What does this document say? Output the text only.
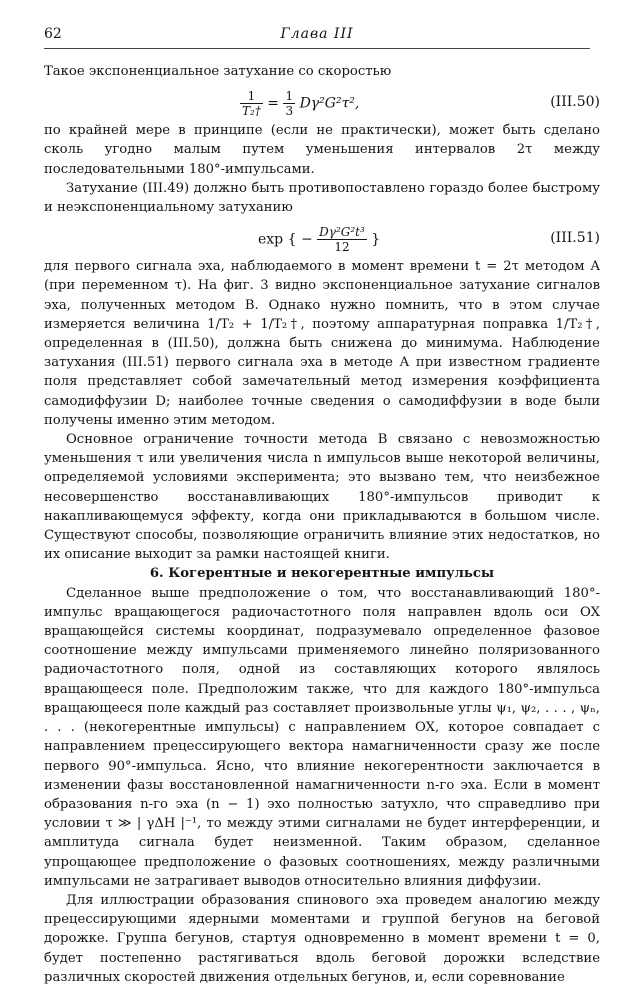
62	Глава III

Такое экспоненциальное затухание со скоростью

$\frac{1}{\text{T₂†}} = \frac{1}{3} D\gamma^2G^2\tau^2$,	(III.50)

по крайней мере в принципе (если не практически), может быть сделано сколь угодно малым путем уменьшения интервалов 2τ между последовательными 180°-импульсами.

Затухание (III.49) должно быть противопоставлено гораздо более быстрому и неэкспоненциальному затуханию

exp { − $\frac{\text{Dγ²G²t³}}{12}$ }	(III.51)

для первого сигнала эха, наблюдаемого в момент времени t = 2τ методом A (при переменном τ). На фиг. 3 видно экспоненциальное затухание сигналов эха, полученных методом B. Однако нужно помнить, что в этом случае измеряется величина 1/T₂ + 1/T₂†, поэтому аппаратурная поправка 1/T₂†, определенная в (III.50), должна быть снижена до минимума. Наблюдение затухания (III.51) первого сигнала эха в методе A при известном градиенте поля представляет собой замечательный метод измерения коэффициента самодиффузии D; наиболее точные сведения о самодиффузии в воде были получены именно этим методом.

Основное ограничение точности метода B связано с невозможностью уменьшения τ или увеличения числа n импульсов выше некоторой величины, определяемой условиями эксперимента; это вызвано тем, что неизбежное несовершенство восстанавливающих 180°-импульсов приводит к накапливающемуся эффекту, когда они прикладываются в большом числе. Существуют способы, позволяющие ограничить влияние этих недостатков, но их описание выходит за рамки настоящей книги.

6. Когерентные и некогерентные импульсы

Сделанное выше предположение о том, что восстанавливающий 180°-импульс вращающегося радиочастотного поля направлен вдоль оси OX вращающейся системы координат, подразумевало определенное фазовое соотношение между импульсами применяемого линейно поляризованного радиочастотного поля, одной из составляющих которого являлось вращающееся поле. Предположим также, что для каждого 180°-импульса вращающееся поле каждый раз составляет произвольные углы ψ₁, ψ₂, . . . , ψₙ, . . . (некогерентные импульсы) с направлением OX, которое совпадает с направлением прецессирующего вектора намагниченности сразу же после первого 90°-импульса. Ясно, что влияние некогерентности заключается в изменении фазы восстановленной намагниченности n-го эха. Если в момент образования n-го эха (n − 1) эхо полностью затухло, что справедливо при условии τ ≫ | γΔH |⁻¹, то между этими сигналами не будет интерференции, и амплитуда сигнала будет неизменной. Таким образом, сделанное упрощающее предположение о фазовых соотношениях, между различными импульсами не затрагивает выводов относительно влияния диффузии.

Для иллюстрации образования спинового эха проведем аналогию между прецессирующими ядерными моментами и группой бегунов на беговой дорожке. Группа бегунов, стартуя одновременно в момент времени t = 0, будет постепенно растягиваться вдоль беговой дорожки вследствие различных скоростей движения отдельных бегунов, и, если соревнование
